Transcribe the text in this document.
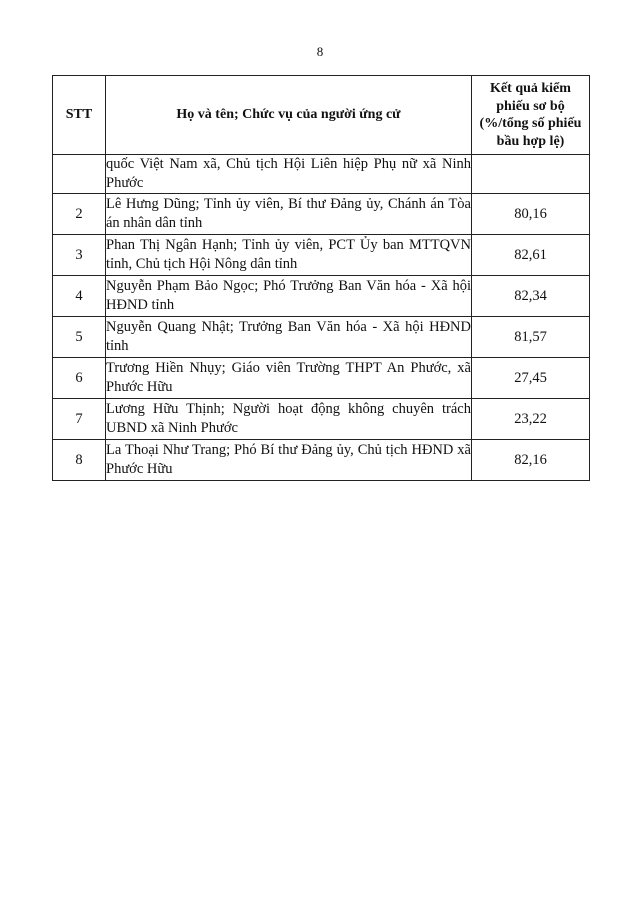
8
STT	Họ và tên; Chức vụ của người ứng cử	Kết quả kiểm
phiếu sơ bộ
(%/tổng số phiếu
bầu hợp lệ)

	quốc Việt Nam xã, Chủ tịch Hội Liên hiệp Phụ nữ xã Ninh Phước	
2	Lê Hưng Dũng; Tỉnh ủy viên, Bí thư Đảng ủy, Chánh án Tòa án nhân dân tỉnh	80,16
3	Phan Thị Ngân Hạnh; Tỉnh ủy viên, PCT Ủy ban MTTQVN tỉnh, Chủ tịch Hội Nông dân tỉnh	82,61
4	Nguyễn Phạm Bảo Ngọc; Phó Trưởng Ban Văn hóa - Xã hội HĐND tỉnh	82,34
5	Nguyễn Quang Nhật; Trưởng Ban Văn hóa - Xã hội HĐND tỉnh	81,57
6	Trương Hiền Nhụy; Giáo viên Trường THPT An Phước, xã Phước Hữu	27,45
7	Lương Hữu Thịnh; Người hoạt động không chuyên trách UBND xã Ninh Phước	23,22
8	La Thoại Như Trang; Phó Bí thư Đảng ủy, Chủ tịch HĐND xã Phước Hữu	82,16
